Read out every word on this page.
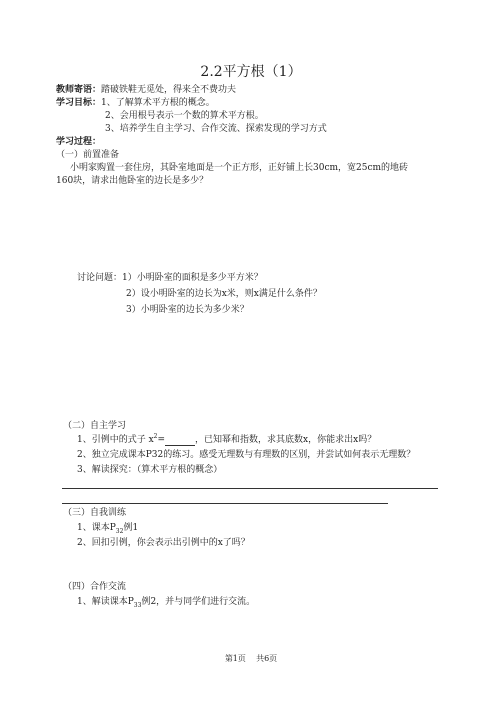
2.2平方根（1）
教师寄语：踏破铁鞋无觅处，得来全不费功夫
学习目标：1、了解算术平方根的概念。
2、会用根号表示一个数的算术平方根。
3、培养学生自主学习、合作交流、探索发现的学习方式
学习过程：
（一）前置准备
小明家购置一套住房，其卧室地面是一个正方形，正好铺上长30cm，宽25cm的地砖
160块，请求出他卧室的边长是多少？
讨论问题：1）小明卧室的面积是多少平方米？
2）设小明卧室的边长为x米，则x满足什么条件？
3）小明卧室的边长为多少米？
（二）自主学习
1、引例中的式子 $x^2=$	，已知幂和指数，求其底数x，你能求出x吗？
2、独立完成课本P32的练习。感受无理数与有理数的区别，并尝试如何表示无理数？
3、解读探究：（算术平方根的概念）
（三）自我训练
1、课本$P_{32}$例1
2、回扣引例，你会表示出引例中的x了吗？
（四）合作交流
1、解读课本$P_{33}$例2，并与同学们进行交流。
第1页 共6页
